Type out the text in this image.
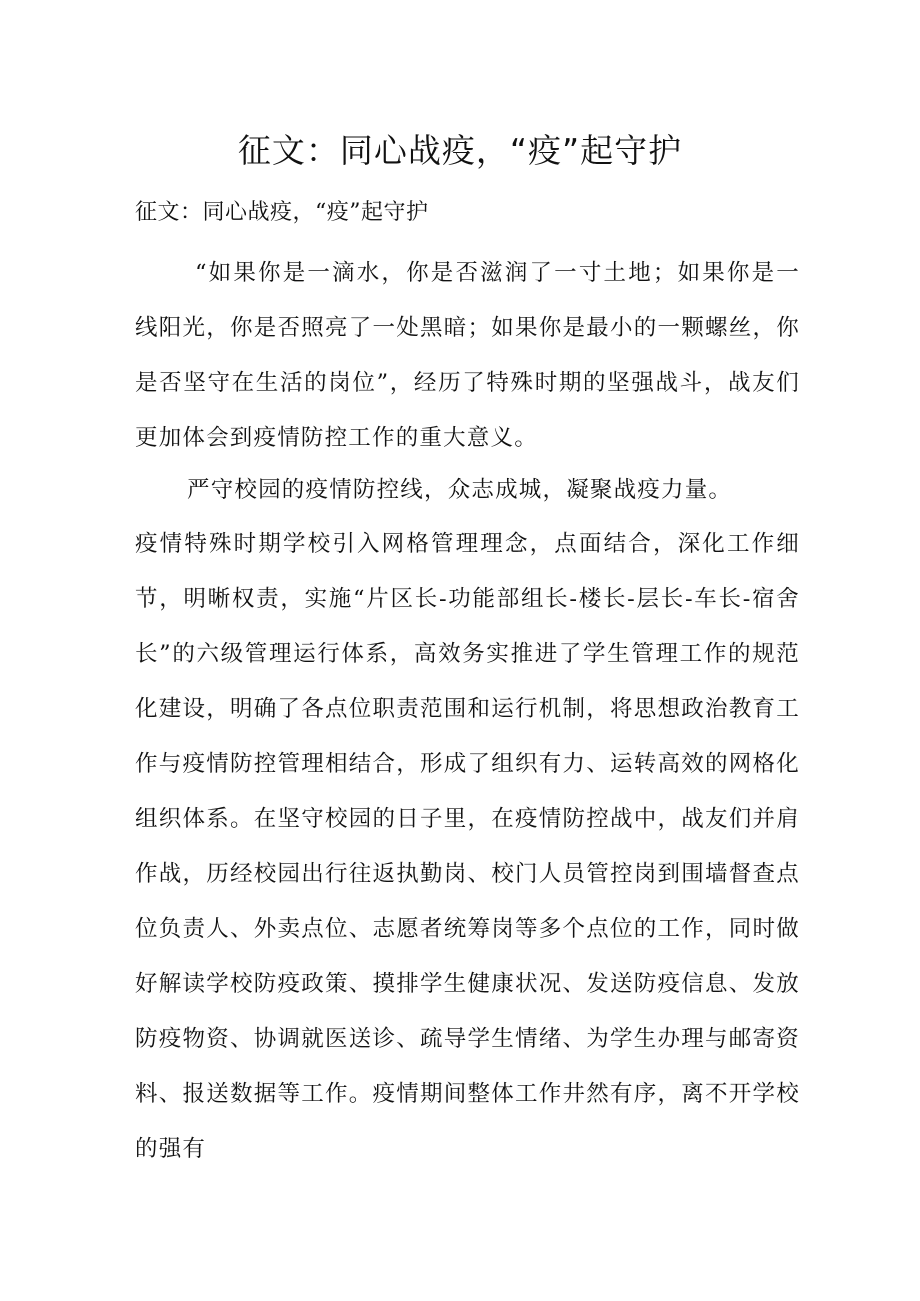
征文：同心战疫，“疫”起守护

征文：同心战疫，“疫”起守护

“如果你是一滴水，你是否滋润了一寸土地；如果你是一线阳光，你是否照亮了一处黑暗；如果你是最小的一颗螺丝，你是否坚守在生活的岗位”，经历了特殊时期的坚强战斗，战友们更加体会到疫情防控工作的重大意义。

严守校园的疫情防控线，众志成城，凝聚战疫力量。

疫情特殊时期学校引入网格管理理念，点面结合，深化工作细节，明晰权责，实施“片区长-功能部组长-楼长-层长-车长-宿舍长”的六级管理运行体系，高效务实推进了学生管理工作的规范化建设，明确了各点位职责范围和运行机制，将思想政治教育工作与疫情防控管理相结合，形成了组织有力、运转高效的网格化组织体系。在坚守校园的日子里，在疫情防控战中，战友们并肩作战，历经校园出行往返执勤岗、校门人员管控岗到围墙督查点位负责人、外卖点位、志愿者统筹岗等多个点位的工作，同时做好解读学校防疫政策、摸排学生健康状况、发送防疫信息、发放防疫物资、协调就医送诊、疏导学生情绪、为学生办理与邮寄资料、报送数据等工作。疫情期间整体工作井然有序，离不开学校的强有
